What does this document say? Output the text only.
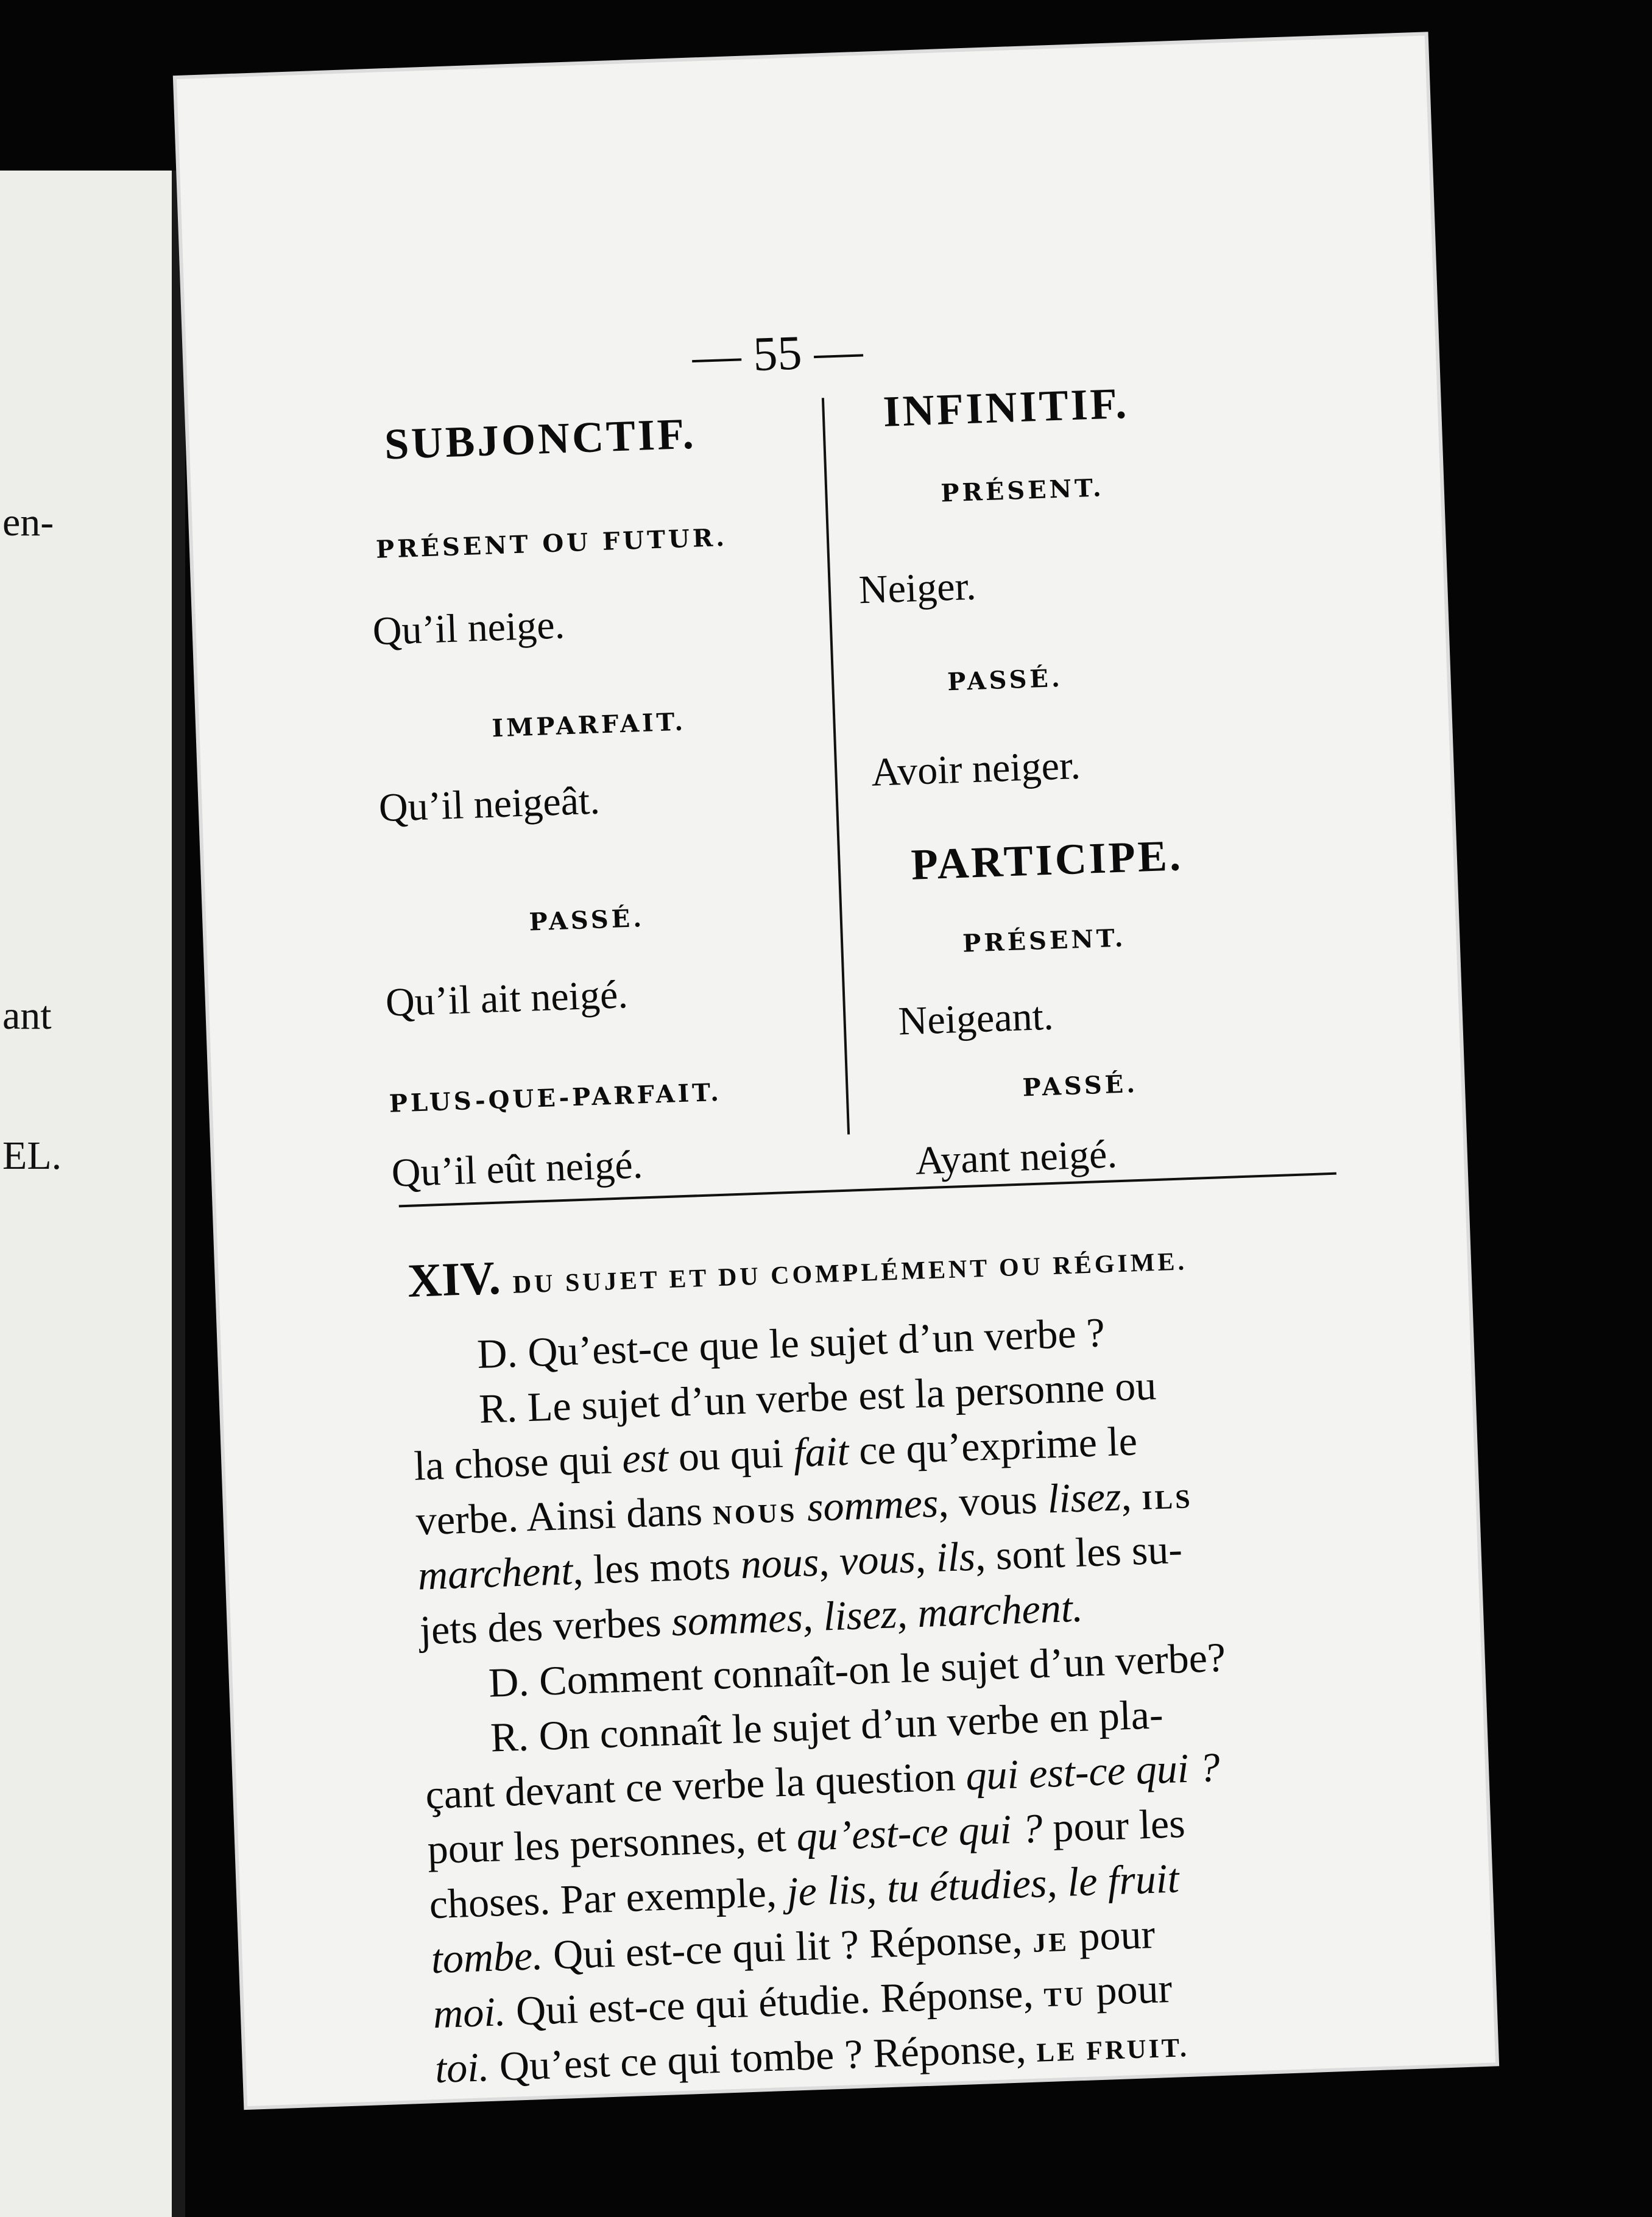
en-
ant
EL.
— 55 —
SUBJONCTIF.
PRÉSENT OU FUTUR.
Qu’il neige.
IMPARFAIT.
Qu’il neigeât.
PASSÉ.
Qu’il ait neigé.
PLUS-QUE-PARFAIT.
Qu’il eût neigé.
INFINITIF.
PRÉSENT.
Neiger.
PASSÉ.
Avoir neiger.
PARTICIPE.
PRÉSENT.
Neigeant.
PASSÉ.
Ayant neigé.
XIV. DU SUJET ET DU COMPLÉMENT OU RÉGIME.
D. Qu’est-ce que le sujet d’un verbe ?
R. Le sujet d’un verbe est la personne ou
la chose qui est ou qui fait ce qu’exprime le
verbe. Ainsi dans NOUS sommes, vous lisez, ILS
marchent, les mots nous, vous, ils, sont les su-
jets des verbes sommes, lisez, marchent.
D. Comment connaît-on le sujet d’un verbe?
R. On connaît le sujet d’un verbe en pla-
çant devant ce verbe la question qui est-ce qui ?
pour les personnes, et qu’est-ce qui ? pour les
choses. Par exemple, je lis, tu étudies, le fruit
tombe. Qui est-ce qui lit ? Réponse, JE pour
moi. Qui est-ce qui étudie. Réponse, TU pour
toi. Qu’est ce qui tombe ? Réponse, LE FRUIT.
